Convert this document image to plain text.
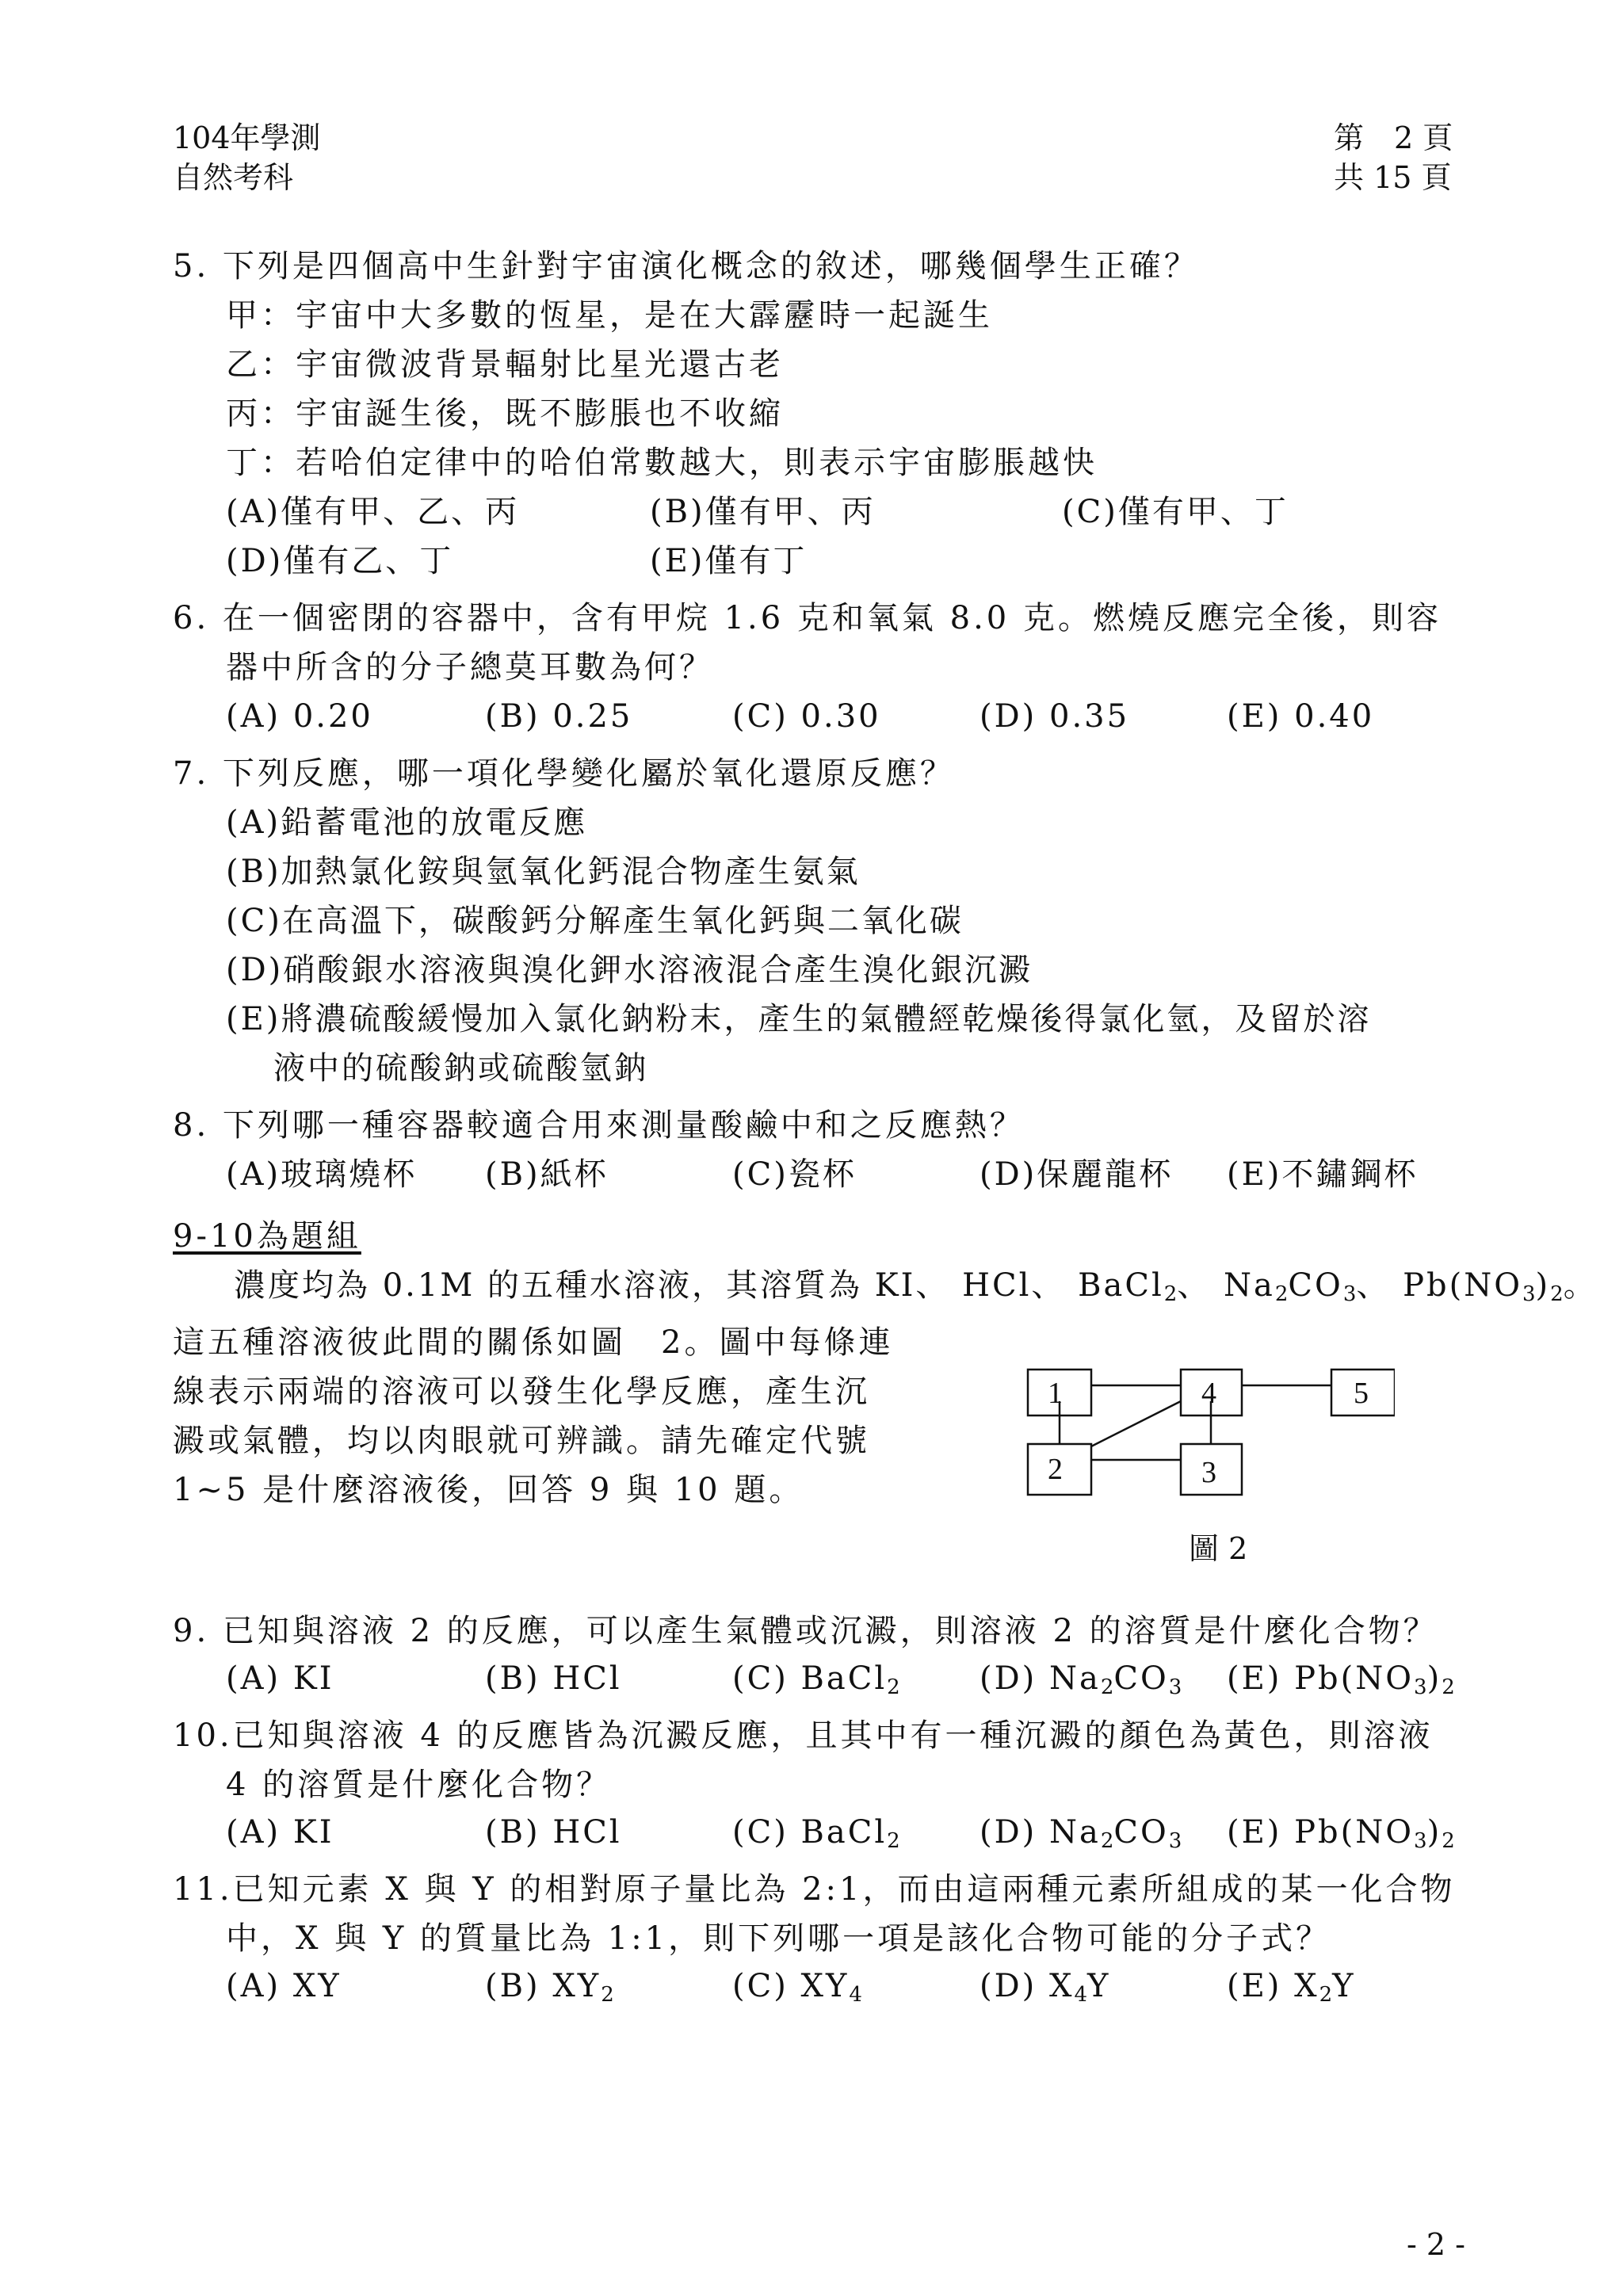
104年學測
自然考科
第　2 頁
共 15 頁
5. 下列是四個高中生針對宇宙演化概念的敘述，哪幾個學生正確？
甲：宇宙中大多數的恆星，是在大霹靂時一起誕生
乙：宇宙微波背景輻射比星光還古老
丙：宇宙誕生後，既不膨脹也不收縮
丁：若哈伯定律中的哈伯常數越大，則表示宇宙膨脹越快
(A)僅有甲、乙、丙	(B)僅有甲、丙	(C)僅有甲、丁
(D)僅有乙、丁	(E)僅有丁
6. 在一個密閉的容器中，含有甲烷 1.6 克和氧氣 8.0 克。燃燒反應完全後，則容
器中所含的分子總莫耳數為何？
(A) 0.20	(B) 0.25	(C) 0.30	(D) 0.35	(E) 0.40
7. 下列反應，哪一項化學變化屬於氧化還原反應？
(A)鉛蓄電池的放電反應
(B)加熱氯化銨與氫氧化鈣混合物產生氨氣
(C)在高溫下，碳酸鈣分解產生氧化鈣與二氧化碳
(D)硝酸銀水溶液與溴化鉀水溶液混合產生溴化銀沉澱
(E)將濃硫酸緩慢加入氯化鈉粉末，產生的氣體經乾燥後得氯化氫，及留於溶
液中的硫酸鈉或硫酸氫鈉
8. 下列哪一種容器較適合用來測量酸鹼中和之反應熱？
(A)玻璃燒杯 (B)紙杯	(C)瓷杯	(D)保麗龍杯 (E)不鏽鋼杯
9-10為題組
濃度均為 0.1M 的五種水溶液，其溶質為 KI、 HCl、 BaCl$_2$、 $Na_2CO_3$、 $Pb(NO_3)_2$。
這五種溶液彼此間的關係如圖　2。圖中每條連
線表示兩端的溶液可以發生化學反應，產生沉
澱或氣體，均以肉眼就可辨識。請先確定代號
1~5 是什麼溶液後，回答 9 與 10 題。
1	4	5
2	3
圖 2
9. 已知與溶液 2 的反應，可以產生氣體或沉澱，則溶液 2 的溶質是什麼化合物？
(A) KI	(B) HCl	(C) BaCl$_2$	(D) $Na_2CO_3$ (E) $Pb(NO_3)_2$
10.已知與溶液 4 的反應皆為沉澱反應，且其中有一種沉澱的顏色為黃色，則溶液
4 的溶質是什麼化合物？
(A) KI	(B) HCl	(C) BaCl$_2$	(D) $Na_2CO_3$ (E) $Pb(NO_3)_2$
11.已知元素 X 與 Y 的相對原子量比為 2:1，而由這兩種元素所組成的某一化合物
中，X 與 Y 的質量比為 1:1，則下列哪一項是該化合物可能的分子式？
(A) XY	(B) $XY_2$	(C) $XY_4$	(D) $X_4Y$	(E) $X_2Y$
- 2 -
